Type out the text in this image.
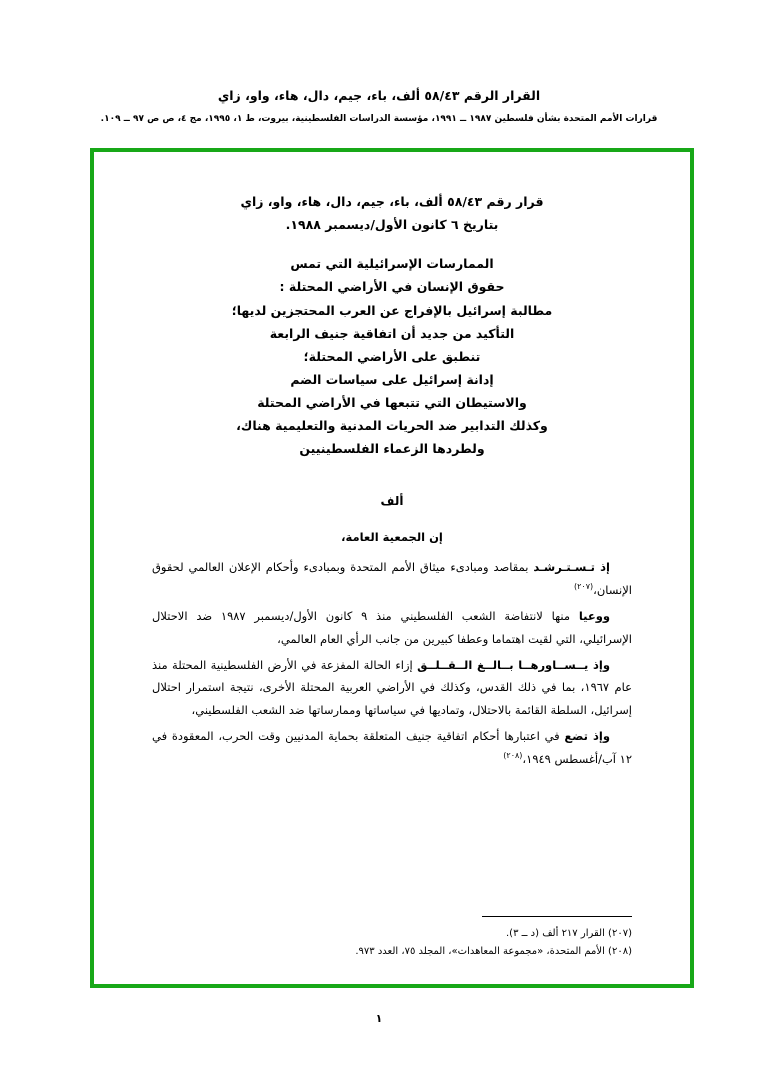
القرار الرقم ٥٨/٤٣ ألف، باء، جيم، دال، هاء، واو، زاي
قرارات الأمم المتحدة بشأن فلسطين ١٩٨٧ ــ ١٩٩١، مؤسسة الدراسات الفلسطينية، بيروت، ط ١، ١٩٩٥، مج ٤، ص ص ٩٧ ــ ١٠٩.
قرار رقم ٥٨/٤٣ ألف، باء، جيم، دال، هاء، واو، زاي
بتاريخ ٦ كانون الأول/ديسمبر ١٩٨٨.
الممارسات الإسرائيلية التي تمس
حقوق الإنسان في الأراضي المحتلة :
مطالبة إسرائيل بالإفراج عن العرب المحتجزين لديها؛
التأكيد من جديد أن اتفاقية جنيف الرابعة
تنطبق على الأراضي المحتلة؛
إدانة إسرائيل على سياسات الضم
والاستيطان التي تتبعها في الأراضي المحتلة
وكذلك التدابير ضد الحريات المدنية والتعليمية هناك،
ولطردها الزعماء الفلسطينيين
ألف
إن الجمعية العامة،

إذ تـسـتـرشـد بمقاصد ومبادىء ميثاق الأمم المتحدة وبمبادىء وأحكام الإعلان العالمي لحقوق الإنسان،$^{(٢٠٧)}$

ووعيا منها لانتفاضة الشعب الفلسطيني منذ ٩ كانون الأول/ديسمبر ١٩٨٧ ضد الاحتلال الإسرائيلي، التي لقيت اهتماما وعطفا كبيرين من جانب الرأي العام العالمي،

وإذ يــســاورهــا بــالــغ الــقــلــق إزاء الحالة المفزعة في الأرض الفلسطينية المحتلة منذ عام ١٩٦٧، بما في ذلك القدس، وكذلك في الأراضي العربية المحتلة الأخرى، نتيجة استمرار احتلال إسرائيل، السلطة القائمة بالاحتلال، وتماديها في سياساتها وممارساتها ضد الشعب الفلسطيني،

وإذ تضع في اعتبارها أحكام اتفاقية جنيف المتعلقة بحماية المدنيين وقت الحرب، المعقودة في ١٢ آب/أغسطس ١٩٤٩،$^{(٢٠٨)}$

(٢٠٧) القرار ٢١٧ ألف (د ــ ٣).
(٢٠٨) الأمم المتحدة، «مجموعة المعاهدات»، المجلد ٧٥، العدد ٩٧٣.
١
